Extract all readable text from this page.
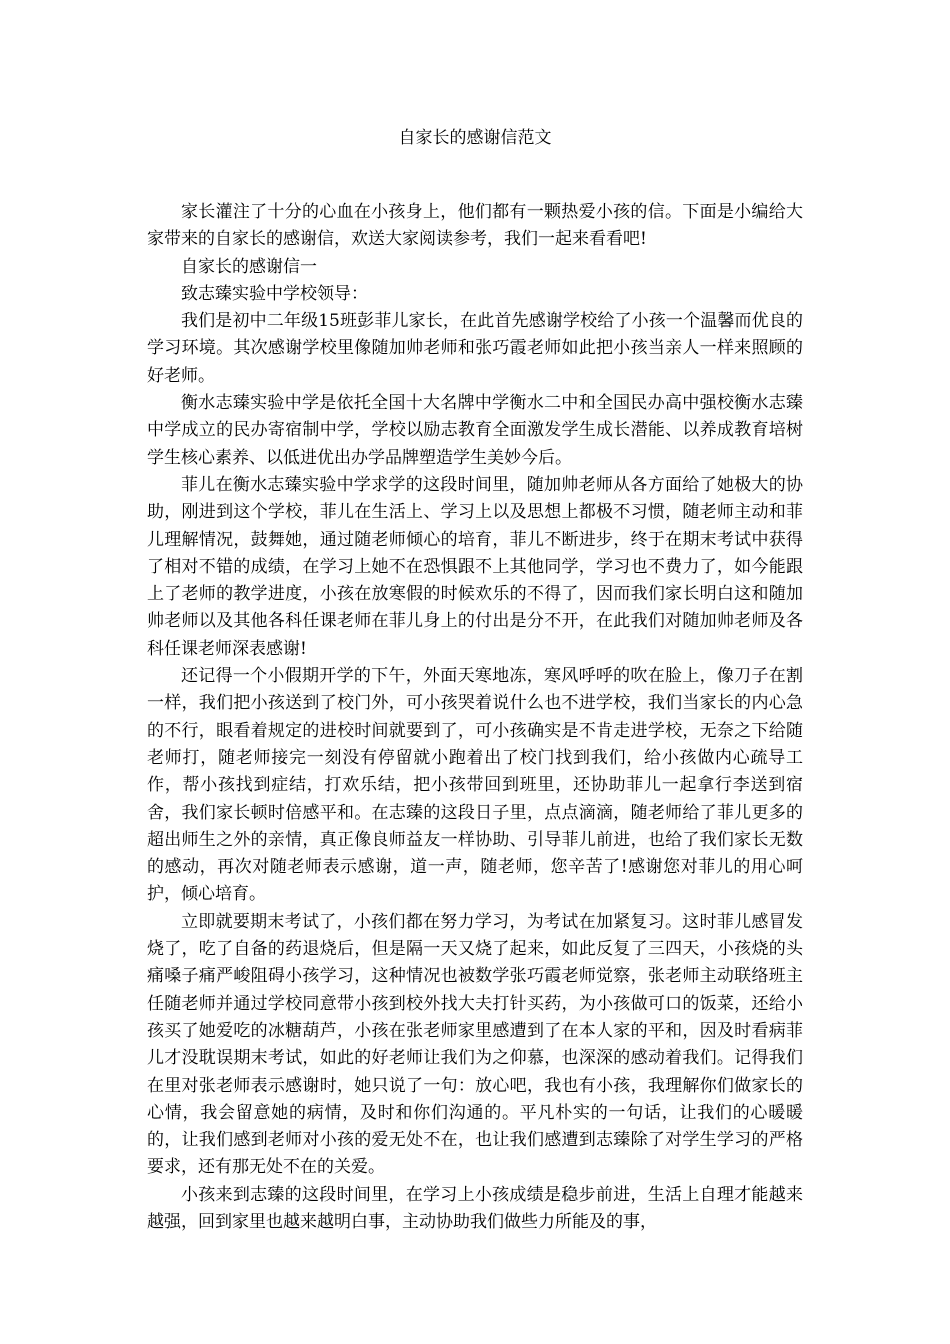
自家长的感谢信范文

家长灌注了十分的心血在小孩身上，他们都有一颗热爱小孩的信。下面是小编给大家带来的自家长的感谢信，欢送大家阅读参考，我们一起来看看吧!

自家长的感谢信一

致志臻实验中学校领导：

我们是初中二年级15班彭菲儿家长，在此首先感谢学校给了小孩一个温馨而优良的学习环境。其次感谢学校里像随加帅老师和张巧霞老师如此把小孩当亲人一样来照顾的好老师。

衡水志臻实验中学是依托全国十大名牌中学衡水二中和全国民办高中强校衡水志臻中学成立的民办寄宿制中学，学校以励志教育全面激发学生成长潜能、以养成教育培树学生核心素养、以低进优出办学品牌塑造学生美妙今后。

菲儿在衡水志臻实验中学求学的这段时间里，随加帅老师从各方面给了她极大的协助，刚进到这个学校，菲儿在生活上、学习上以及思想上都极不习惯，随老师主动和菲儿理解情况，鼓舞她，通过随老师倾心的培育，菲儿不断进步，终于在期末考试中获得了相对不错的成绩，在学习上她不在恐惧跟不上其他同学，学习也不费力了，如今能跟上了老师的教学进度，小孩在放寒假的时候欢乐的不得了，因而我们家长明白这和随加帅老师以及其他各科任课老师在菲儿身上的付出是分不开，在此我们对随加帅老师及各科任课老师深表感谢!

还记得一个小假期开学的下午，外面天寒地冻，寒风呼呼的吹在脸上，像刀子在割一样，我们把小孩送到了校门外，可小孩哭着说什么也不进学校，我们当家长的内心急的不行，眼看着规定的进校时间就要到了，可小孩确实是不肯走进学校，无奈之下给随老师打，随老师接完一刻没有停留就小跑着出了校门找到我们，给小孩做内心疏导工作，帮小孩找到症结，打欢乐结，把小孩带回到班里，还协助菲儿一起拿行李送到宿舍，我们家长顿时倍感平和。在志臻的这段日子里，点点滴滴，随老师给了菲儿更多的超出师生之外的亲情，真正像良师益友一样协助、引导菲儿前进，也给了我们家长无数的感动，再次对随老师表示感谢，道一声，随老师，您辛苦了!感谢您对菲儿的用心呵护，倾心培育。

立即就要期末考试了，小孩们都在努力学习，为考试在加紧复习。这时菲儿感冒发烧了，吃了自备的药退烧后，但是隔一天又烧了起来，如此反复了三四天，小孩烧的头痛嗓子痛严峻阻碍小孩学习，这种情况也被数学张巧霞老师觉察，张老师主动联络班主任随老师并通过学校同意带小孩到校外找大夫打针买药，为小孩做可口的饭菜，还给小孩买了她爱吃的冰糖葫芦，小孩在张老师家里感遭到了在本人家的平和，因及时看病菲儿才没耽误期末考试，如此的好老师让我们为之仰慕，也深深的感动着我们。记得我们在里对张老师表示感谢时，她只说了一句：放心吧，我也有小孩，我理解你们做家长的心情，我会留意她的病情，及时和你们沟通的。平凡朴实的一句话，让我们的心暖暖的，让我们感到老师对小孩的爱无处不在，也让我们感遭到志臻除了对学生学习的严格要求，还有那无处不在的关爱。

小孩来到志臻的这段时间里，在学习上小孩成绩是稳步前进，生活上自理才能越来越强，回到家里也越来越明白事，主动协助我们做些力所能及的事，
